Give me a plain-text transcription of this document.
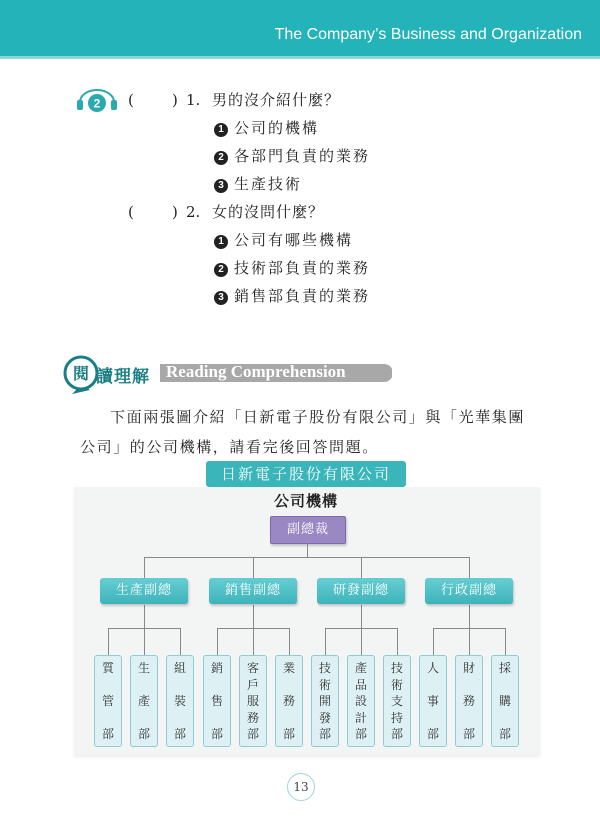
The Company’s Business and Organization
2 (	) 1. 男的沒介紹什麼？
1 公司的機構
2 各部門負責的業務
3 生產技術
(	) 2. 女的沒問什麼？
1 公司有哪些機構
2 技術部負責的業務
3 銷售部負責的業務
閱 讀理解 Reading Comprehension
下面兩張圖介紹「日新電子股份有限公司」與「光華集團公司」的公司機構，請看完後回答問題。
日新電子股份有限公司
公司機構
副總裁
生產副總
質
管
部
生
產
部
組
裝
部
銷售副總
銷
售
部
客
戶
服
務
部
業
務
部
研發副總
技
術
開
發
部
產
品
設
計
部
技
術
支
持
部
行政副總
人
事
部
財
務
部
採
購
部
13
